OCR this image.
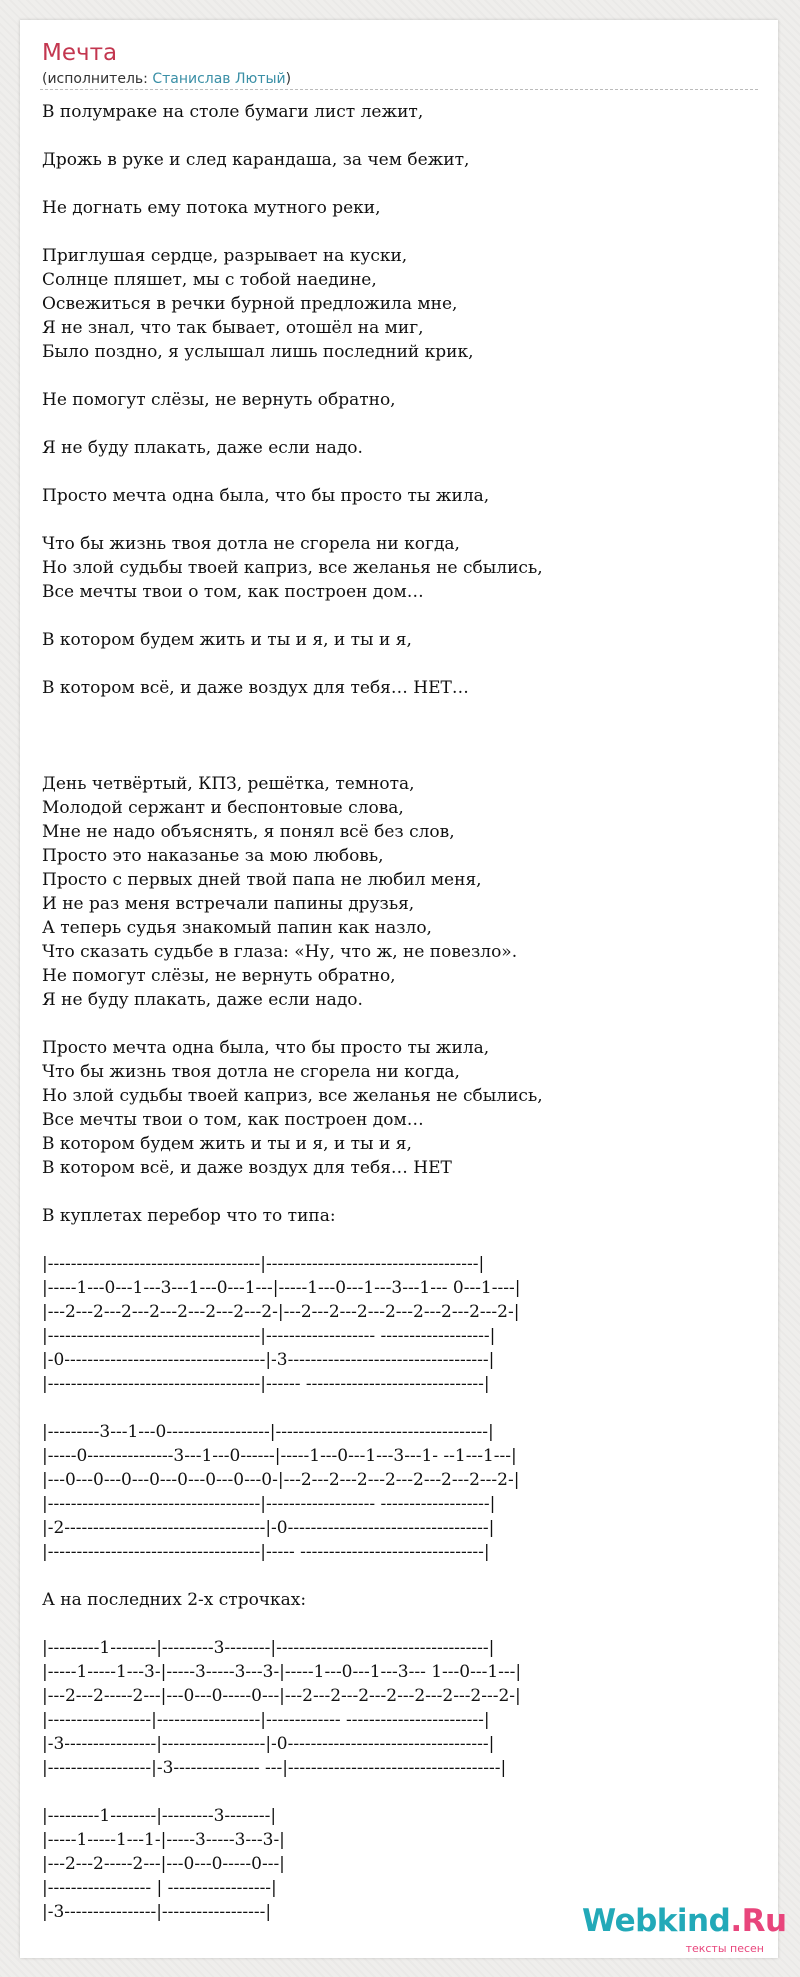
Мечта
(исполнитель: Станислав Лютый)
В полумраке на столе бумаги лист лежит,

Дрожь в руке и след карандаша, за чем бежит,

Не догнать ему потока мутного реки,

Приглушая сердце, разрывает на куски,
Солнце пляшет, мы с тобой наедине,
Освежиться в речки бурной предложила мне,
Я не знал, что так бывает, отошёл на миг,
Было поздно, я услышал лишь последний крик,

Не помогут слёзы, не вернуть обратно,

Я не буду плакать, даже если надо.

Просто мечта одна была, что бы просто ты жила,

Что бы жизнь твоя дотла не сгорела ни когда,
Но злой судьбы твоей каприз, все желанья не сбылись,
Все мечты твои о том, как построен дом…

В котором будем жить и ты и я, и ты и я,

В котором всё, и даже воздух для тебя… НЕТ…

День четвёртый, КПЗ, решётка, темнота,
Молодой сержант и беспонтовые слова,
Мне не надо объяснять, я понял всё без слов,
Просто это наказанье за мою любовь,
Просто с первых дней твой папа не любил меня,
И не раз меня встречали папины друзья,
А теперь судья знакомый папин как назло,
Что сказать судьбе в глаза: «Ну, что ж, не повезло».
Не помогут слёзы, не вернуть обратно,
Я не буду плакать, даже если надо.

Просто мечта одна была, что бы просто ты жила,
Что бы жизнь твоя дотла не сгорела ни когда,
Но злой судьбы твоей каприз, все желанья не сбылись,
Все мечты твои о том, как построен дом…
В котором будем жить и ты и я, и ты и я,
В котором всё, и даже воздух для тебя… НЕТ

В куплетах перебор что то типа:

|-------------------------------------|-------------------------------------|
|-----1---0---1---3---1---0---1---|-----1---0---1---3---1--- 0---1----|
|---2---2---2---2---2---2---2---2-|---2---2---2---2---2---2---2---2-|
|-------------------------------------|------------------- -------------------|
|-0-----------------------------------|-3-----------------------------------|
|-------------------------------------|------ -------------------------------|

|---------3---1---0------------------|-------------------------------------|
|-----0---------------3---1---0------|-----1---0---1---3---1- --1---1---|
|---0---0---0---0---0---0---0---0-|---2---2---2---2---2---2---2---2-|
|-------------------------------------|------------------- -------------------|
|-2-----------------------------------|-0-----------------------------------|
|-------------------------------------|----- --------------------------------|

А на последних 2-х строчках:

|---------1--------|---------3--------|-------------------------------------|
|-----1-----1---3-|-----3-----3---3-|-----1---0---1---3--- 1---0---1---|
|---2---2-----2---|---0---0-----0---|---2---2---2---2---2---2---2---2-|
|------------------|------------------|------------- ------------------------|
|-3----------------|------------------|-0-----------------------------------|
|------------------|-3--------------- ---|-------------------------------------|

|---------1--------|---------3--------|
|-----1-----1---1-|-----3-----3---3-|
|---2---2-----2---|---0---0-----0---|
|------------------ | ------------------|
|-3----------------|------------------|	Webkind.Ru
тексты песен
